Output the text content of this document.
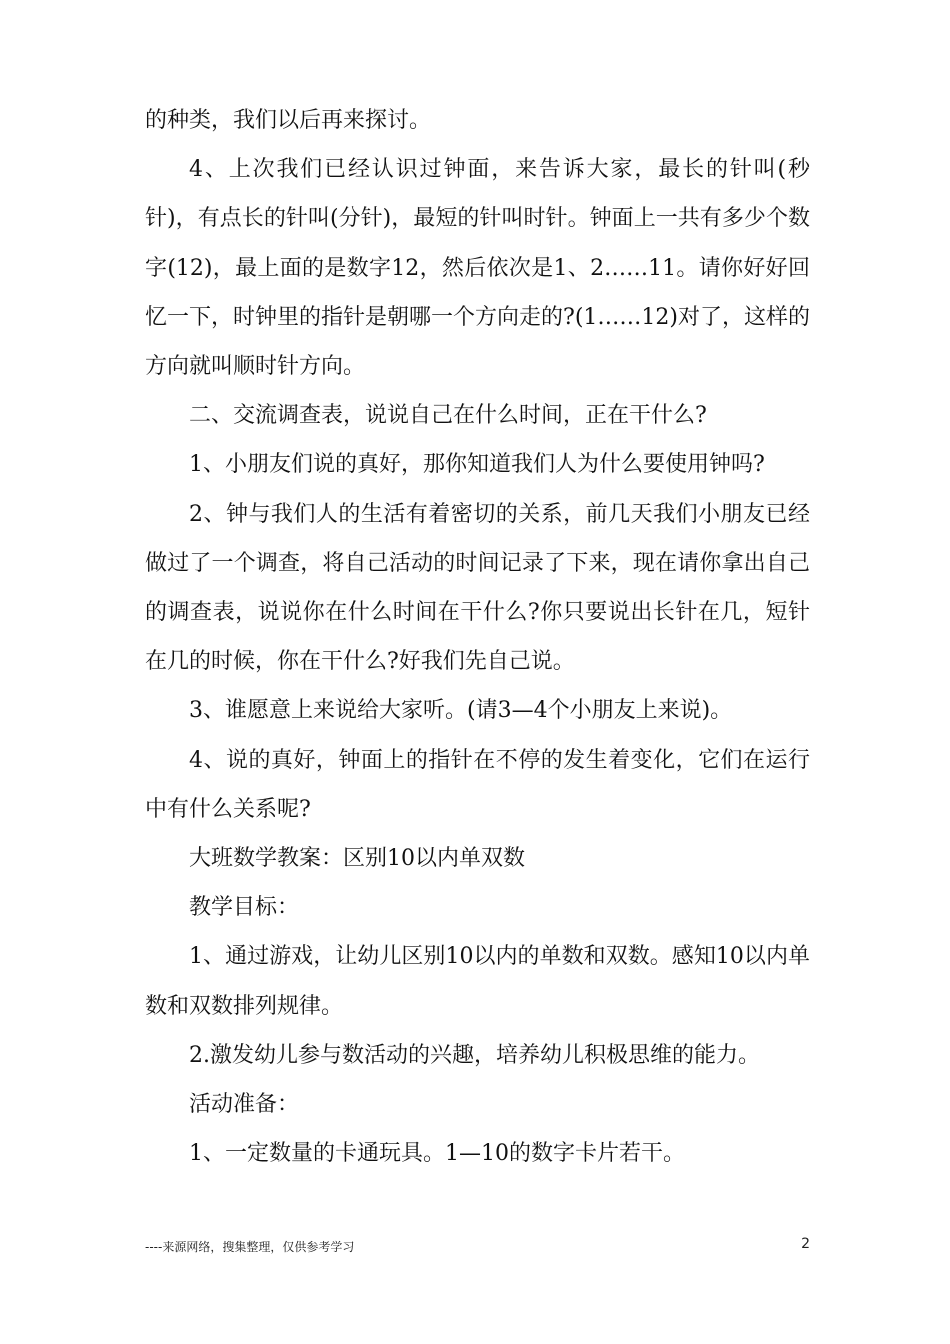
的种类，我们以后再来探讨。

4、上次我们已经认识过钟面，来告诉大家，最长的针叫(秒针)，有点长的针叫(分针)，最短的针叫时针。钟面上一共有多少个数字(12)，最上面的是数字12，然后依次是1、2……11。请你好好回忆一下，时钟里的指针是朝哪一个方向走的?(1……12)对了，这样的方向就叫顺时针方向。

二、交流调查表，说说自己在什么时间，正在干什么?

1、小朋友们说的真好，那你知道我们人为什么要使用钟吗?

2、钟与我们人的生活有着密切的关系，前几天我们小朋友已经做过了一个调查，将自己活动的时间记录了下来，现在请你拿出自己的调查表，说说你在什么时间在干什么?你只要说出长针在几，短针在几的时候，你在干什么?好我们先自己说。

3、谁愿意上来说给大家听。(请3—4个小朋友上来说)。

4、说的真好，钟面上的指针在不停的发生着变化，它们在运行中有什么关系呢?

大班数学教案：区别10以内单双数

教学目标：

1、通过游戏，让幼儿区别10以内的单数和双数。感知10以内单数和双数排列规律。

2.激发幼儿参与数活动的兴趣，培养幼儿积极思维的能力。

活动准备：

1、一定数量的卡通玩具。1—10的数字卡片若干。

----来源网络，搜集整理，仅供参考学习	2
